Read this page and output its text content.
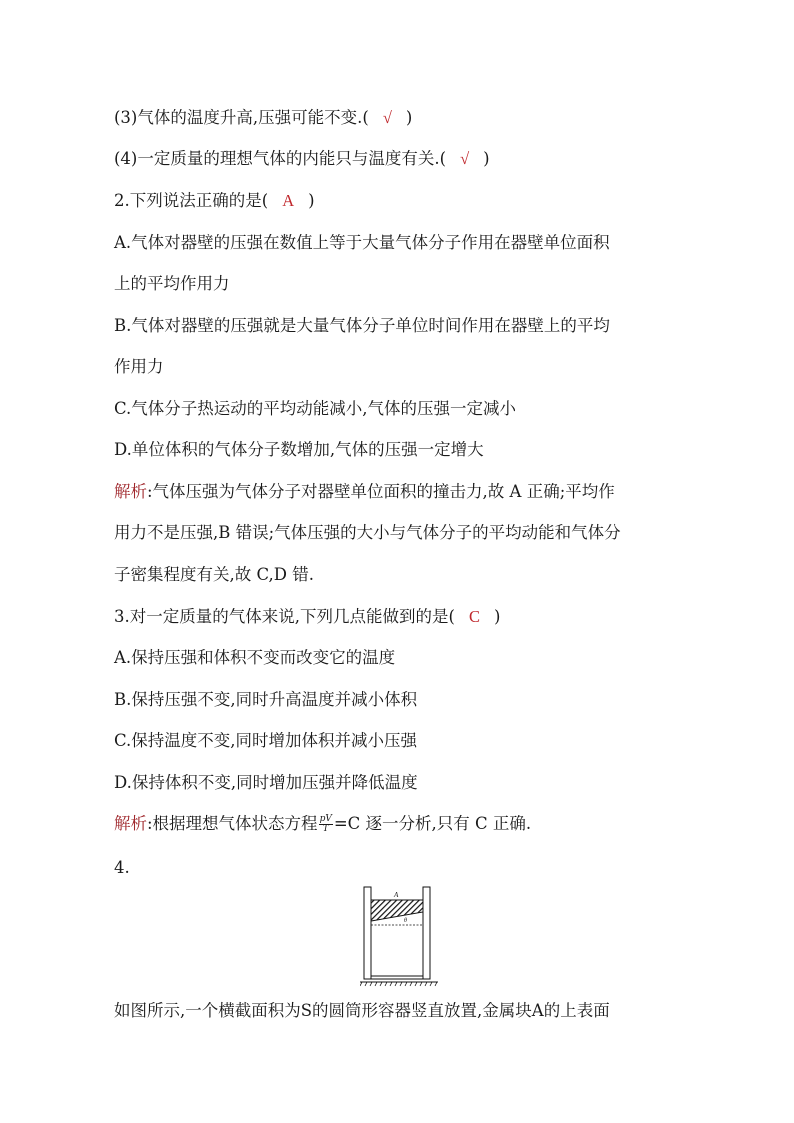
(3)气体的温度升高,压强可能不变.( √ )
(4)一定质量的理想气体的内能只与温度有关.( √ )
2.下列说法正确的是( A )
A.气体对器壁的压强在数值上等于大量气体分子作用在器壁单位面积
上的平均作用力
B.气体对器壁的压强就是大量气体分子单位时间作用在器壁上的平均
作用力
C.气体分子热运动的平均动能减小,气体的压强一定减小
D.单位体积的气体分子数增加,气体的压强一定增大
解析:气体压强为气体分子对器壁单位面积的撞击力,故 A 正确;平均作
用力不是压强,B 错误;气体压强的大小与气体分子的平均动能和气体分
子密集程度有关,故 C,D 错.
3.对一定质量的气体来说,下列几点能做到的是( C )
A.保持压强和体积不变而改变它的温度
B.保持压强不变,同时升高温度并减小体积
C.保持温度不变,同时增加体积并减小压强
D.保持体积不变,同时增加压强并降低温度
解析:根据理想气体状态方程 $\frac{pV}{T} =C$ 逐一分析,只有 C 正确.
4.
A
θ
如图所示,一个横截面积为S的圆筒形容器竖直放置,金属块A的上表面
